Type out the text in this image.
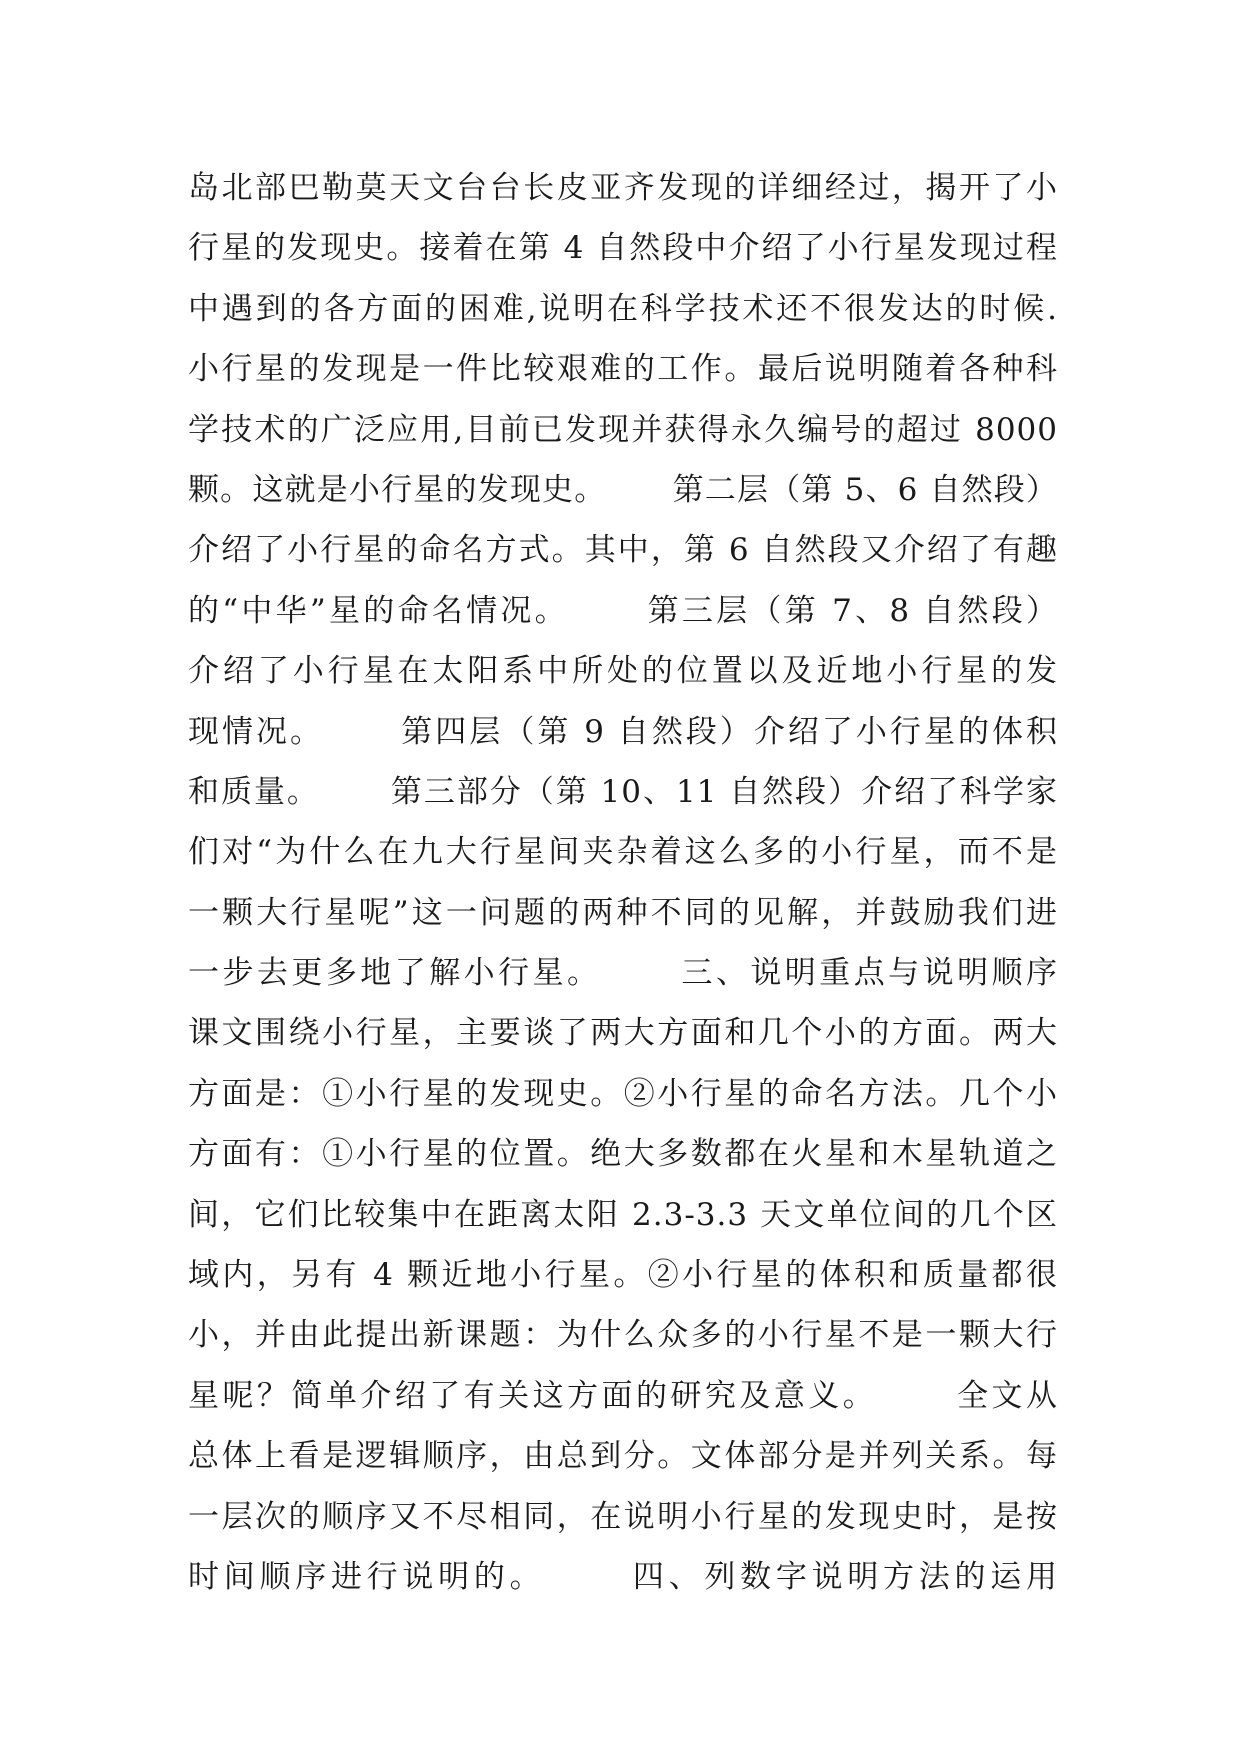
岛北部巴勒莫天文台台长皮亚齐发现的详细经过，揭开了小
行星的发现史。接着在第 4 自然段中介绍了小行星发现过程
中遇到的各方面的困难,说明在科学技术还不很发达的时候.
小行星的发现是一件比较艰难的工作。最后说明随着各种科
学技术的广泛应用,目前已发现并获得永久编号的超过 8000
颗。这就是小行星的发现史。      第二层（第 5、6 自然段）
介绍了小行星的命名方式。其中，第 6 自然段又介绍了有趣
的“中华”星的命名情况。      第三层（第 7、8 自然段）
介绍了小行星在太阳系中所处的位置以及近地小行星的发
现情况。      第四层（第 9 自然段）介绍了小行星的体积
和质量。      第三部分（第 10、11 自然段）介绍了科学家
们对“为什么在九大行星间夹杂着这么多的小行星，而不是
一颗大行星呢”这一问题的两种不同的见解，并鼓励我们进
一步去更多地了解小行星。      三、说明重点与说明顺序
课文围绕小行星，主要谈了两大方面和几个小的方面。两大
方面是：①小行星的发现史。②小行星的命名方法。几个小
方面有：①小行星的位置。绝大多数都在火星和木星轨道之
间，它们比较集中在距离太阳 2.3-3.3 天文单位间的几个区
域内，另有 4 颗近地小行星。②小行星的体积和质量都很
小，并由此提出新课题：为什么众多的小行星不是一颗大行
星呢？简单介绍了有关这方面的研究及意义。      全文从
总体上看是逻辑顺序，由总到分。文体部分是并列关系。每
一层次的顺序又不尽相同，在说明小行星的发现史时，是按
时间顺序进行说明的。      四、列数字说明方法的运用
